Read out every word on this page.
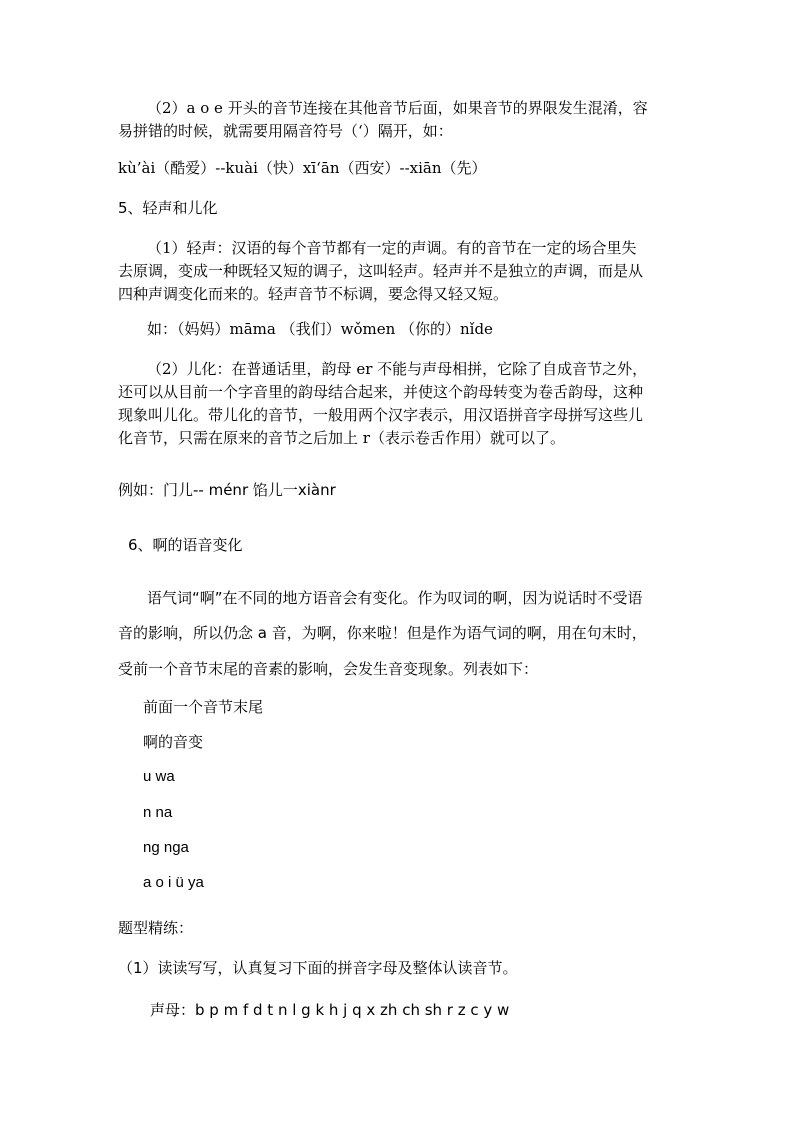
（2）a o e 开头的音节连接在其他音节后面，如果音节的界限发生混淆，容
易拼错的时候，就需要用隔音符号（‘）隔开，如：
kù’ài（酷爱）--kuài（快）xī‘ān（西安）--xiān（先）
5、轻声和儿化
（1）轻声：汉语的每个音节都有一定的声调。有的音节在一定的场合里失
去原调，变成一种既轻又短的调子，这叫轻声。轻声并不是独立的声调，而是从
四种声调变化而来的。轻声音节不标调，要念得又轻又短。
如：（妈妈）māma （我们）wǒmen （你的）nǐde
（2）儿化：在普通话里，韵母 er 不能与声母相拼，它除了自成音节之外，
还可以从目前一个字音里的韵母结合起来，并使这个韵母转变为卷舌韵母，这种
现象叫儿化。带儿化的音节，一般用两个汉字表示，用汉语拼音字母拼写这些儿
化音节，只需在原来的音节之后加上 r（表示卷舌作用）就可以了。
例如：门儿-- ménr 馅儿一xiànr
6、啊的语音变化
语气词“啊”在不同的地方语音会有变化。作为叹词的啊，因为说话时不受语
音的影响，所以仍念 a 音，为啊，你来啦！但是作为语气词的啊，用在句末时，
受前一个音节末尾的音素的影响，会发生音变现象。列表如下：
前面一个音节末尾
啊的音变
u wa
n na
ng nga
a o i ü ya
题型精练：
（1）读读写写，认真复习下面的拼音字母及整体认读音节。
声母：b p m f d t n l g k h j q x zh ch sh r z c y w
